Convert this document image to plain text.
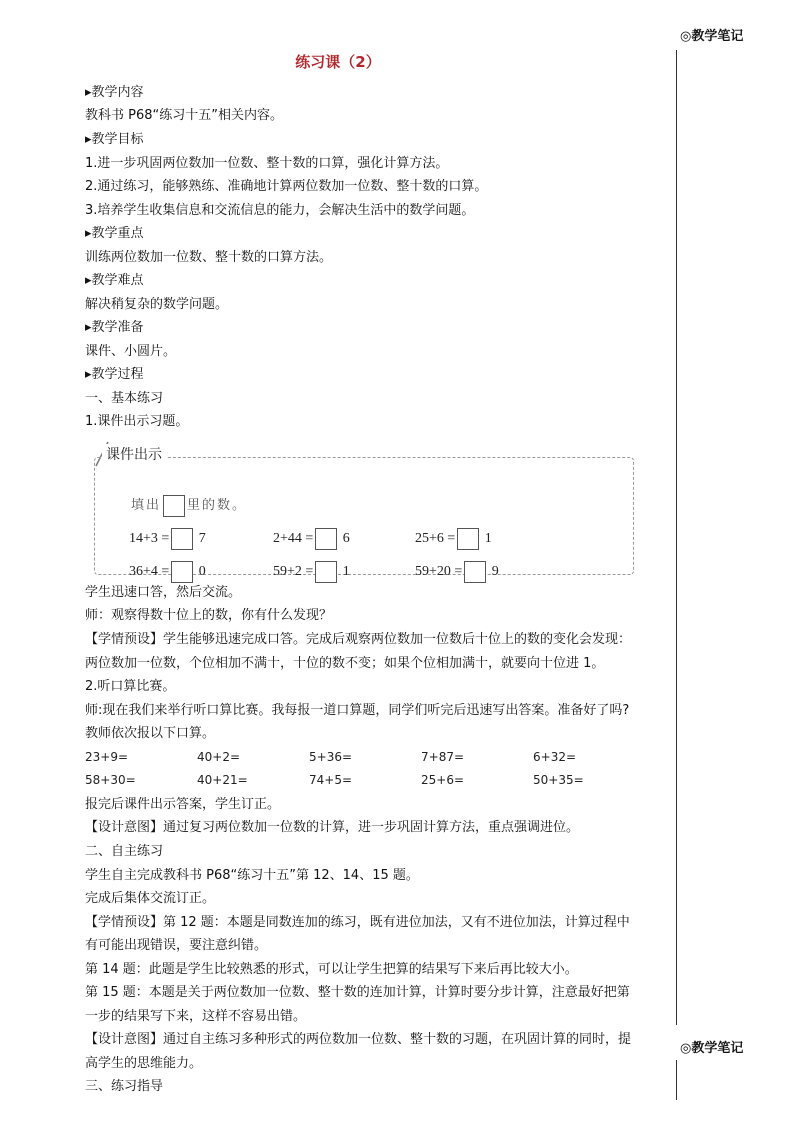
◎教学笔记
◎教学笔记
练习课（2）
▸教学内容
教科书 P68“练习十五”相关内容。
▸教学目标
1.进一步巩固两位数加一位数、整十数的口算，强化计算方法。
2.通过练习，能够熟练、准确地计算两位数加一位数、整十数的口算。
3.培养学生收集信息和交流信息的能力，会解决生活中的数学问题。
▸教学重点
训练两位数加一位数、整十数的口算方法。
▸教学难点
解决稍复杂的数学问题。
▸教学准备
课件、小圆片。
▸教学过程
一、基本练习
1.课件出示习题。
填出 里的数。
14+3 = 7	2+44 = 6	25+6 = 1
36+4 = 0	59+2 = 1	59+20 = 9
课件出示
学生迅速口答，然后交流。
师：观察得数十位上的数，你有什么发现？
【学情预设】学生能够迅速完成口答。完成后观察两位数加一位数后十位上的数的变化会发现：
两位数加一位数，个位相加不满十，十位的数不变；如果个位相加满十，就要向十位进 1。
2.听口算比赛。
师:现在我们来举行听口算比赛。我每报一道口算题，同学们听完后迅速写出答案。准备好了吗?
教师依次报以下口算。
23+9=	40+2=	5+36=	7+87=	6+32=
58+30=	40+21=	74+5=	25+6=	50+35=
报完后课件出示答案，学生订正。
【设计意图】通过复习两位数加一位数的计算，进一步巩固计算方法，重点强调进位。
二、自主练习
学生自主完成教科书 P68“练习十五”第 12、14、15 题。
完成后集体交流订正。
【学情预设】第 12 题：本题是同数连加的练习，既有进位加法，又有不进位加法，计算过程中
有可能出现错误，要注意纠错。
第 14 题：此题是学生比较熟悉的形式，可以让学生把算的结果写下来后再比较大小。
第 15 题：本题是关于两位数加一位数、整十数的连加计算，计算时要分步计算，注意最好把第
一步的结果写下来，这样不容易出错。
【设计意图】通过自主练习多种形式的两位数加一位数、整十数的习题，在巩固计算的同时，提
高学生的思维能力。
三、练习指导
